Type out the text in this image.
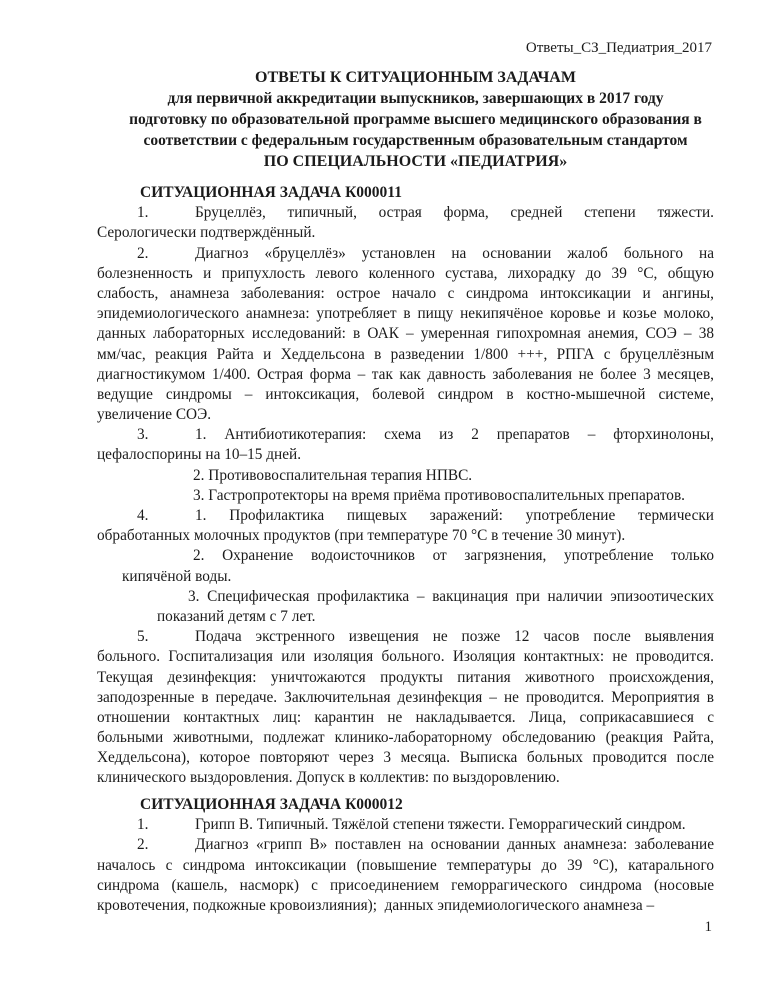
Ответы_СЗ_Педиатрия_2017
ОТВЕТЫ К СИТУАЦИОННЫМ ЗАДАЧАМ
для первичной аккредитации выпускников, завершающих в 2017 году
подготовку по образовательной программе высшего медицинского образования в
соответствии с федеральным государственным образовательным стандартом
ПО СПЕЦИАЛЬНОСТИ «ПЕДИАТРИЯ»
СИТУАЦИОННАЯ ЗАДАЧА К000011
1.	Бруцеллёз, типичный, острая форма, средней степени тяжести.
Серологически подтверждённый.
2.	Диагноз «бруцеллёз» установлен на основании жалоб больного на
болезненность и припухлость левого коленного сустава, лихорадку до 39 °С, общую
слабость, анамнеза заболевания: острое начало с синдрома интоксикации и ангины,
эпидемиологического анамнеза: употребляет в пищу некипячёное коровье и козье молоко,
данных лабораторных исследований: в ОАК – умеренная гипохромная анемия, СОЭ – 38
мм/час, реакция Райта и Хеддельсона в разведении 1/800 +++, РПГА с бруцеллёзным
диагностикумом 1/400. Острая форма – так как давность заболевания не более 3 месяцев,
ведущие синдромы – интоксикация, болевой синдром в костно-мышечной системе,
увеличение СОЭ.
3.	1. Антибиотикотерапия: схема из 2 препаратов – фторхинолоны,
цефалоспорины на 10–15 дней.
2. Противовоспалительная терапия НПВС.
3. Гастропротекторы на время приёма противовоспалительных препаратов.
4.	1. Профилактика пищевых заражений: употребление термически
обработанных молочных продуктов (при температуре 70 °С в течение 30 минут).
2. Охранение водоисточников от загрязнения, употребление только
кипячёной воды.
3. Специфическая профилактика – вакцинация при наличии эпизоотических
показаний детям с 7 лет.
5.	Подача экстренного извещения не позже 12 часов после выявления
больного. Госпитализация или изоляция больного. Изоляция контактных: не проводится.
Текущая дезинфекция: уничтожаются продукты питания животного происхождения,
заподозренные в передаче. Заключительная дезинфекция – не проводится. Мероприятия в
отношении контактных лиц: карантин не накладывается. Лица, соприкасавшиеся с
больными животными, подлежат клинико-лабораторному обследованию (реакция Райта,
Хеддельсона), которое повторяют через 3 месяца. Выписка больных проводится после
клинического выздоровления. Допуск в коллектив: по выздоровлению.
СИТУАЦИОННАЯ ЗАДАЧА К000012
1.	Грипп В. Типичный. Тяжёлой степени тяжести. Геморрагический синдром.
2.	Диагноз «грипп В» поставлен на основании данных анамнеза: заболевание
началось с синдрома интоксикации (повышение температуры до 39 °С), катарального
синдрома (кашель, насморк) с присоединением геморрагического синдрома (носовые
кровотечения, подкожные кровоизлияния);  данных эпидемиологического анамнеза –
1
